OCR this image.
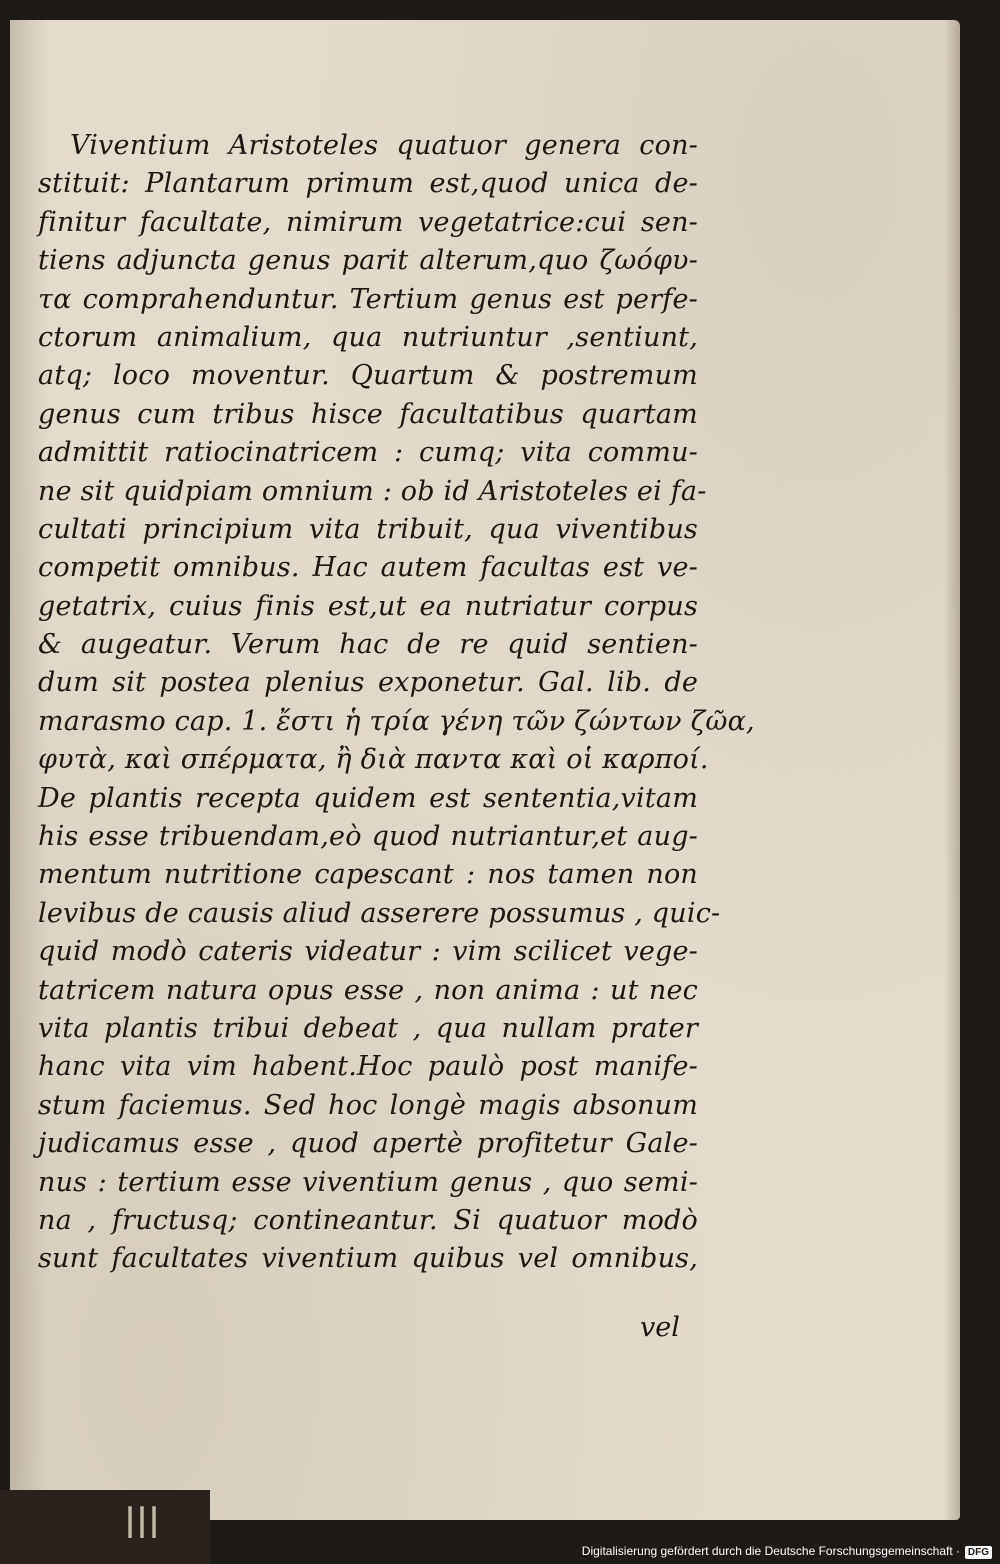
Viventium Aristoteles quatuor genera con-
stituit: Plantarum primum est,quod unica de-
finitur facultate, nimirum vegetatrice:cui sen-
tiens adjuncta genus parit alterum,quo ζωόφυ-
τα comprahenduntur. Tertium genus est perfe-
ctorum animalium, qua nutriuntur ,sentiunt,
atq; loco moventur. Quartum & postremum
genus cum tribus hisce facultatibus quartam
admittit ratiocinatricem : cumq; vita commu-
ne sit quidpiam omnium : ob id Aristoteles ei fa-
cultati principium vita tribuit, qua viventibus
competit omnibus. Hac autem facultas est ve-
getatrix, cuius finis est,ut ea nutriatur corpus
& augeatur. Verum hac de re quid sentien-
dum sit postea plenius exponetur. Gal. lib. de
marasmo cap. 1. ἔστι ἡ τρία γένη τῶν ζώντων ζῶα,
φυτὰ, καὶ σπέρματα, ἢ διὰ παντα καὶ οἱ καρποί.
De plantis recepta quidem est sententia,vitam
his esse tribuendam,eò quod nutriantur,et aug-
mentum nutritione capescant : nos tamen non
levibus de causis aliud asserere possumus , quic-
quid modò cateris videatur : vim scilicet vege-
tatricem natura opus esse , non anima : ut nec
vita plantis tribui debeat , qua nullam prater
hanc vita vim habent.Hoc paulò post manife-
stum faciemus. Sed hoc longè magis absonum
judicamus esse , quod apertè profitetur Gale-
nus : tertium esse viventium genus , quo semi-
na , fructusq; contineantur. Si quatuor modò
sunt facultates viventium quibus vel omnibus,
vel
ǀǀǀ
Digitalisierung gefördert durch die Deutsche Forschungsgemeinschaft · DFG
